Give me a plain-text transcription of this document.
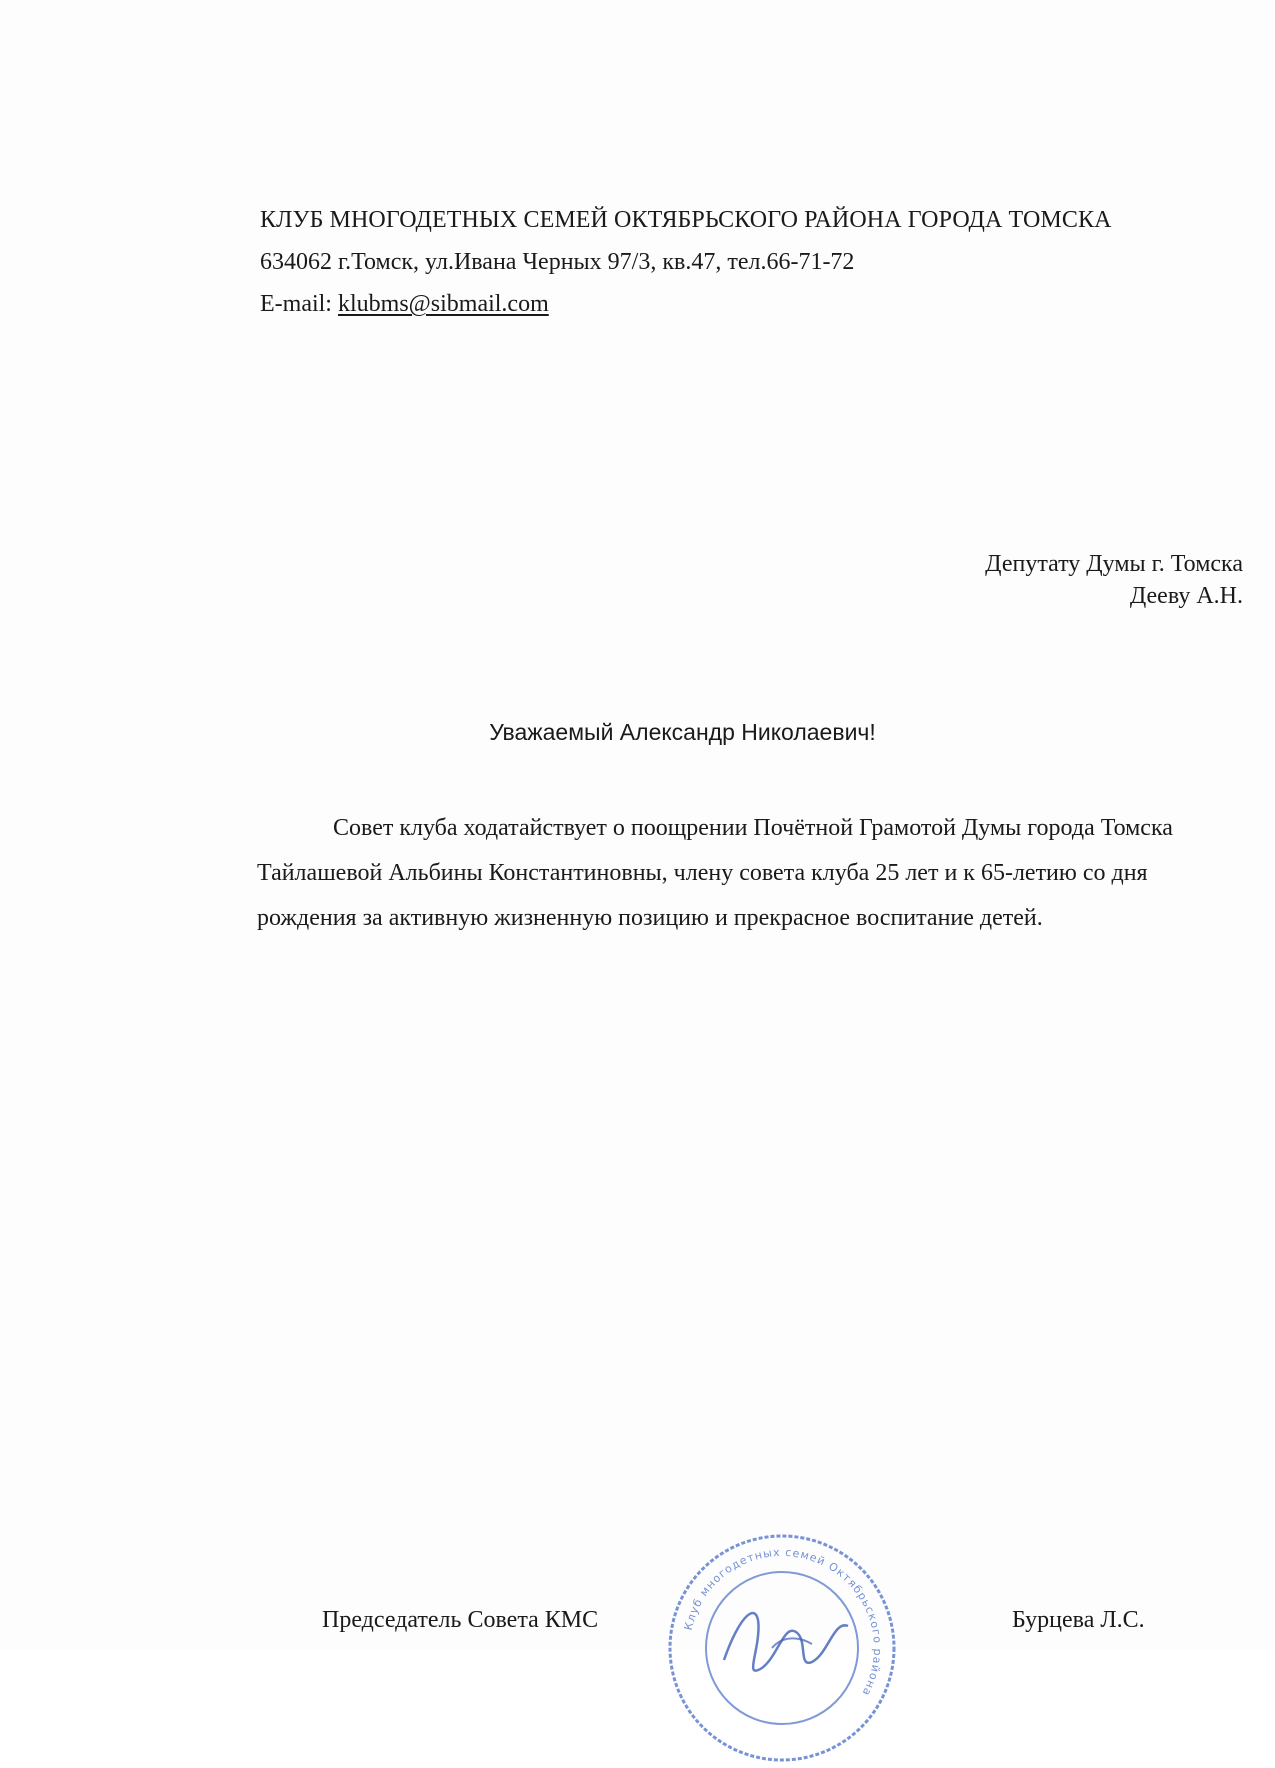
КЛУБ МНОГОДЕТНЫХ СЕМЕЙ ОКТЯБРЬСКОГО РАЙОНА ГОРОДА ТОМСКА
634062 г.Томск, ул.Ивана Черных 97/3, кв.47, тел.66-71-72
E-mail: klubms@sibmail.com
Депутату Думы г. Томска
Дееву А.Н.
Уважаемый Александр Николаевич!

Совет клуба ходатайствует о поощрении Почётной Грамотой Думы города Томска

Тайлашевой Альбины Константиновны, члену совета клуба 25 лет и к 65-летию со дня

рождения за активную жизненную позицию и прекрасное воспитание детей.

Председатель Совета КМС	Клуб многодетных семей Октябрьского района
Бурцева Л.С.
